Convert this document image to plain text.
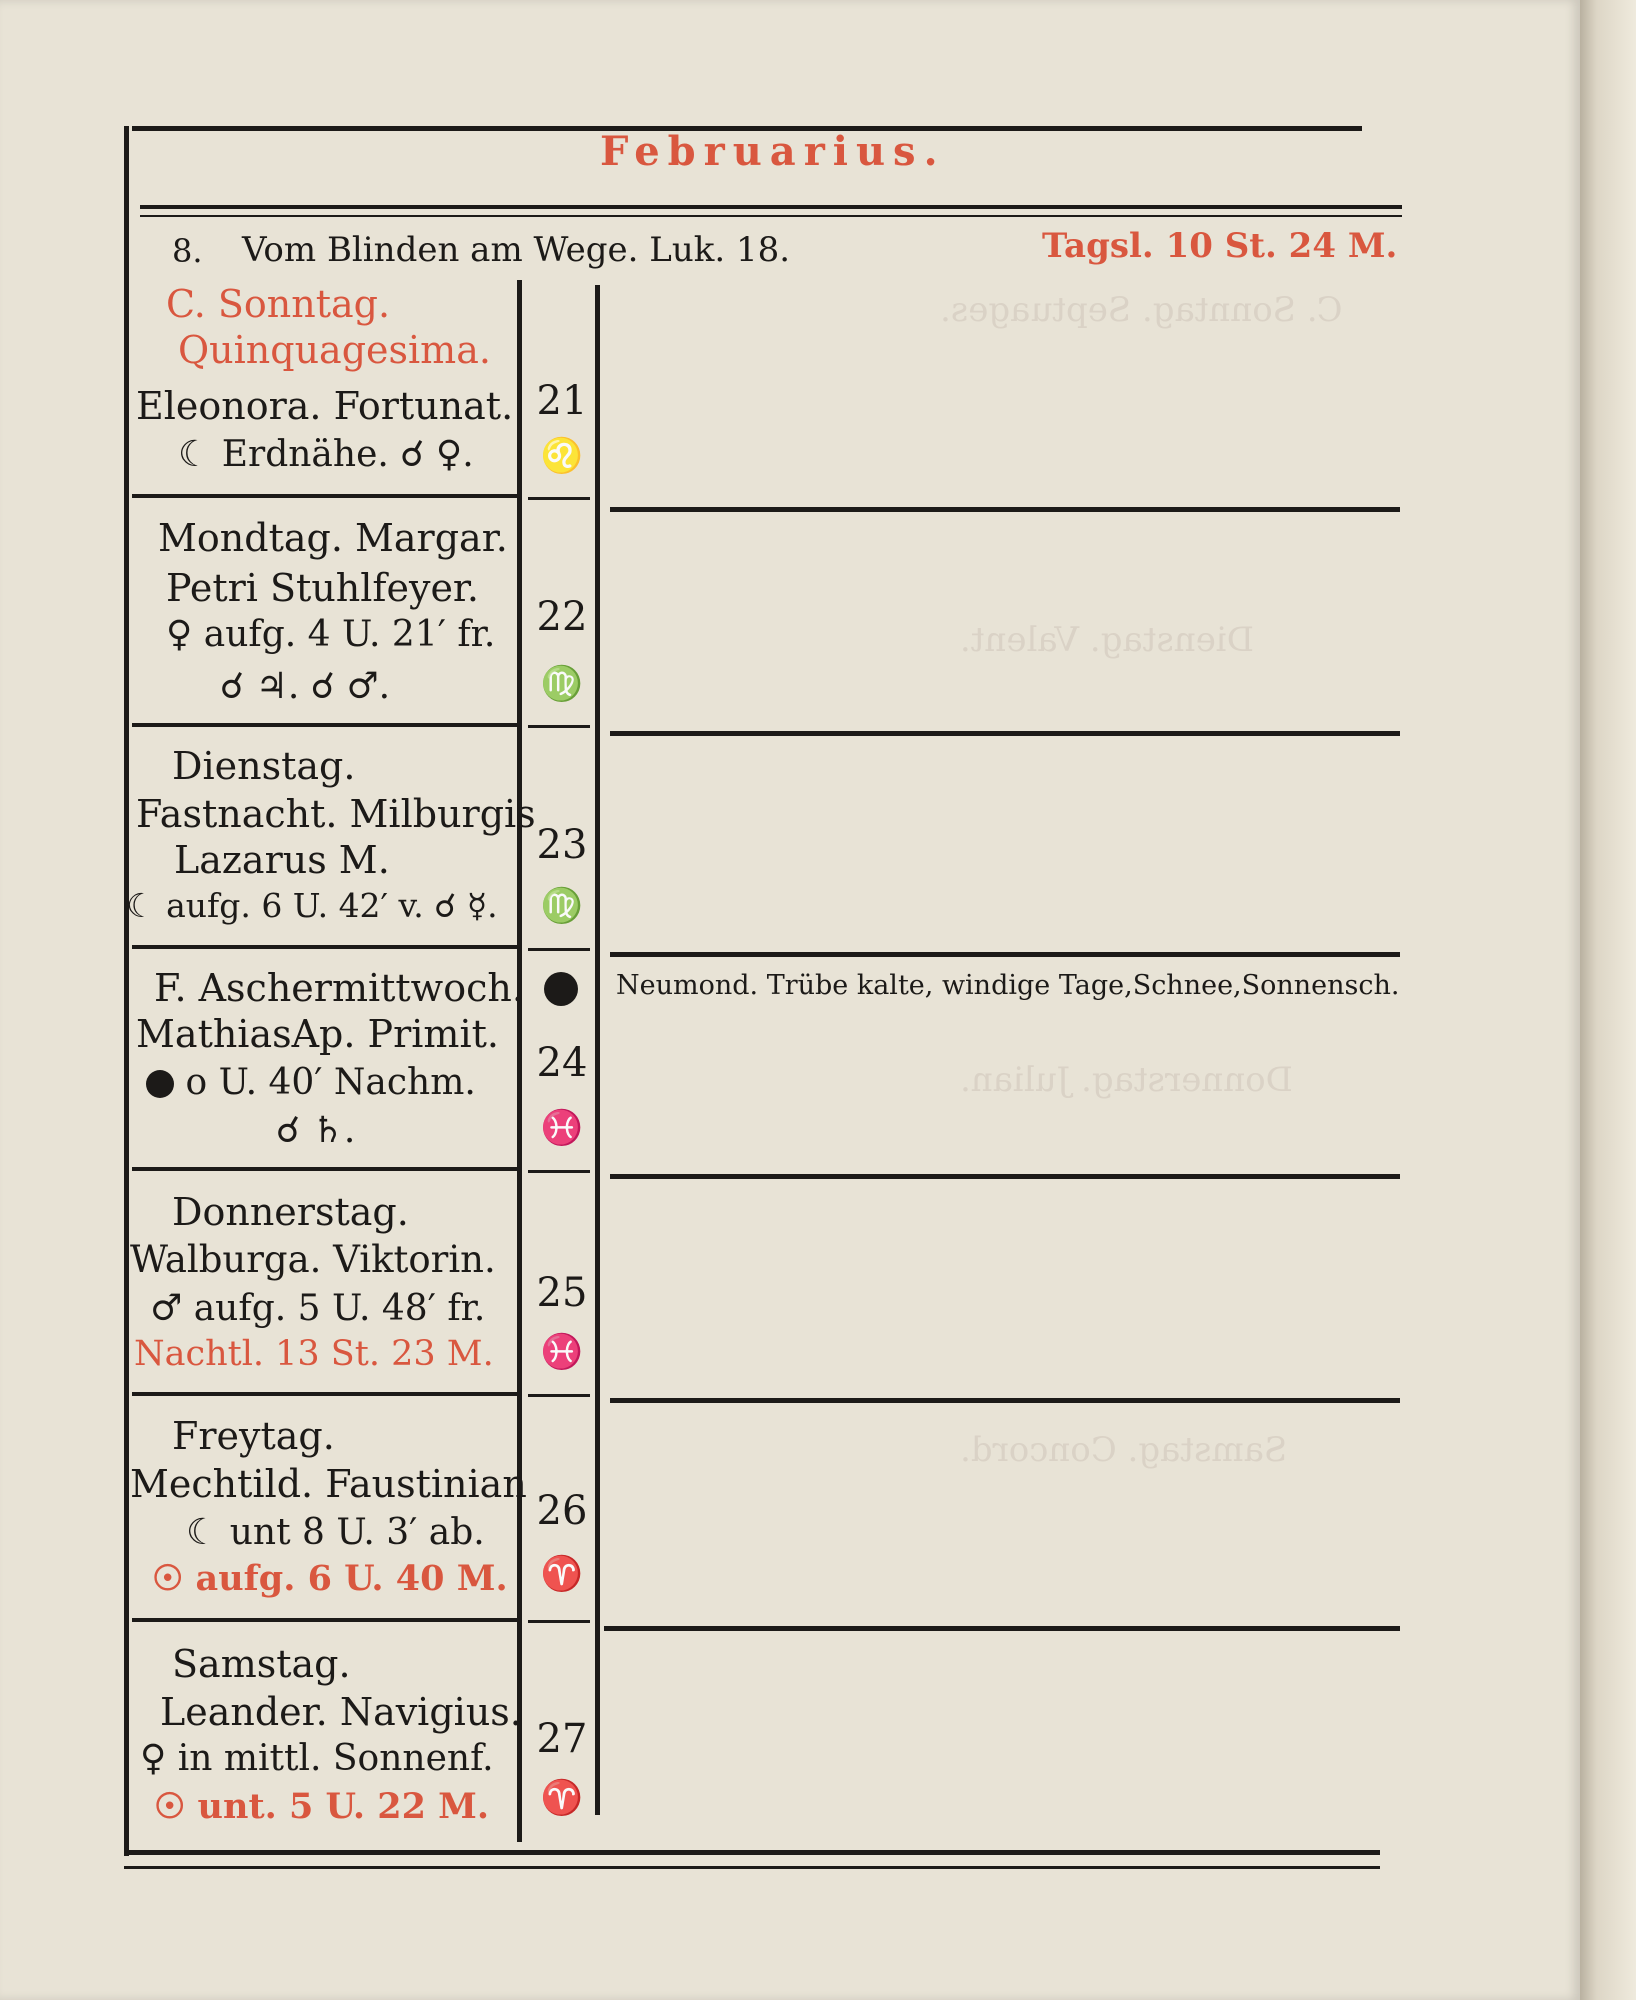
C. Sonntag. Septuages.
Dienstag. Valent.
Donnerstag. Julian.
Samstag. Concord.
Februarius.
8. Vom Blinden am Wege. Luk. 18.	Tagsl. 10 St. 24 M.
C. Sonntag.
Quinquagesima.
Eleonora. Fortunat.
☾ Erdnähe. ☌ ♀.
21
♌
Mondtag. Margar.
Petri Stuhlfeyer.
♀ aufg. 4 U. 21′ fr.
☌ ♃. ☌ ♂.
22
♍
Dienstag.
Fastnacht. Milburgis
Lazarus M.
☾ aufg. 6 U. 42′ v. ☌ ☿.
23
♍
F. Aschermittwoch.
MathiasAp. Primit.
o U. 40′ Nachm.
☌ ♄.
24
♓
Neumond. Trübe kalte, windige Tage,Schnee,Sonnensch.
Donnerstag.
Walburga. Viktorin.
♂ aufg. 5 U. 48′ fr.
Nachtl. 13 St. 23 M.
25
♓
Freytag.
Mechtild. Faustinian
☾ unt 8 U. 3′ ab.
☉ aufg. 6 U. 40 M.
26
♈
Samstag.
Leander. Navigius.
♀ in mittl. Sonnenf.
☉ unt. 5 U. 22 M.
27
♈
